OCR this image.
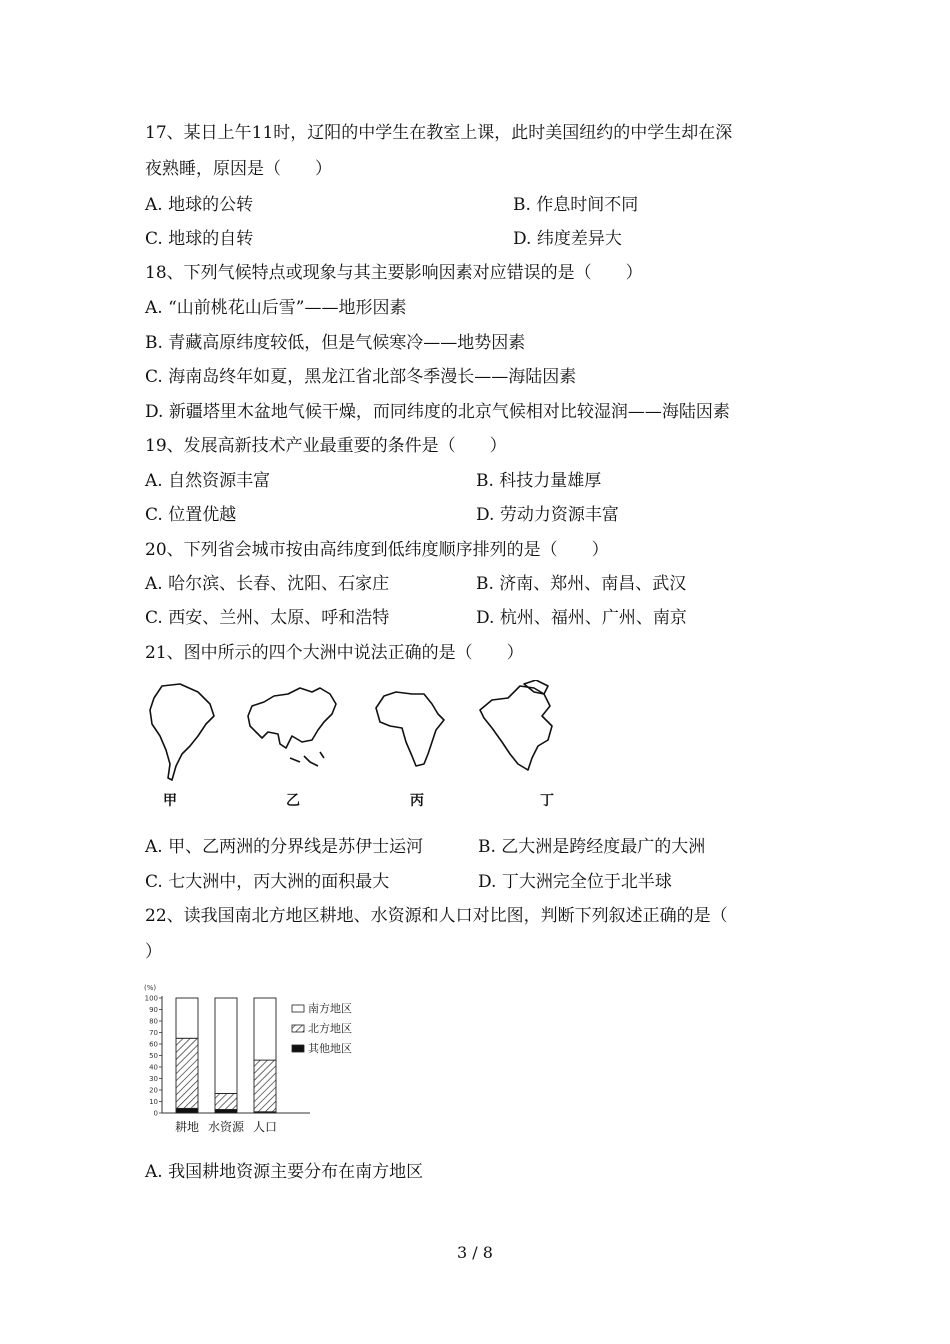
17、某日上午11时，辽阳的中学生在教室上课，此时美国纽约的中学生却在深
夜熟睡，原因是（　　）
A. 地球的公转	B. 作息时间不同
C. 地球的自转	D. 纬度差异大
18、下列气候特点或现象与其主要影响因素对应错误的是（　　）
A. “山前桃花山后雪”——地形因素
B. 青藏高原纬度较低，但是气候寒冷——地势因素
C. 海南岛终年如夏，黑龙江省北部冬季漫长——海陆因素
D. 新疆塔里木盆地气候干燥，而同纬度的北京气候相对比较湿润——海陆因素
19、发展高新技术产业最重要的条件是（　　）
A. 自然资源丰富	B. 科技力量雄厚
C. 位置优越	D. 劳动力资源丰富
20、下列省会城市按由高纬度到低纬度顺序排列的是（　　）
A. 哈尔滨、长春、沈阳、石家庄	B. 济南、郑州、南昌、武汉
C. 西安、兰州、太原、呼和浩特	D. 杭州、福州、广州、南京
21、图中所示的四个大洲中说法正确的是（　　）
甲	乙	丙	丁
A. 甲、乙两洲的分界线是苏伊士运河	B. 乙大洲是跨经度最广的大洲
C. 七大洲中，丙大洲的面积最大	D. 丁大洲完全位于北半球
22、读我国南北方地区耕地、水资源和人口对比图，判断下列叙述正确的是（
）
(%)
0
10
20
30
40
50
60
70
80
90
100
耕地 水资源 人口
南方地区
北方地区
其他地区
A. 我国耕地资源主要分布在南方地区
3 / 8
